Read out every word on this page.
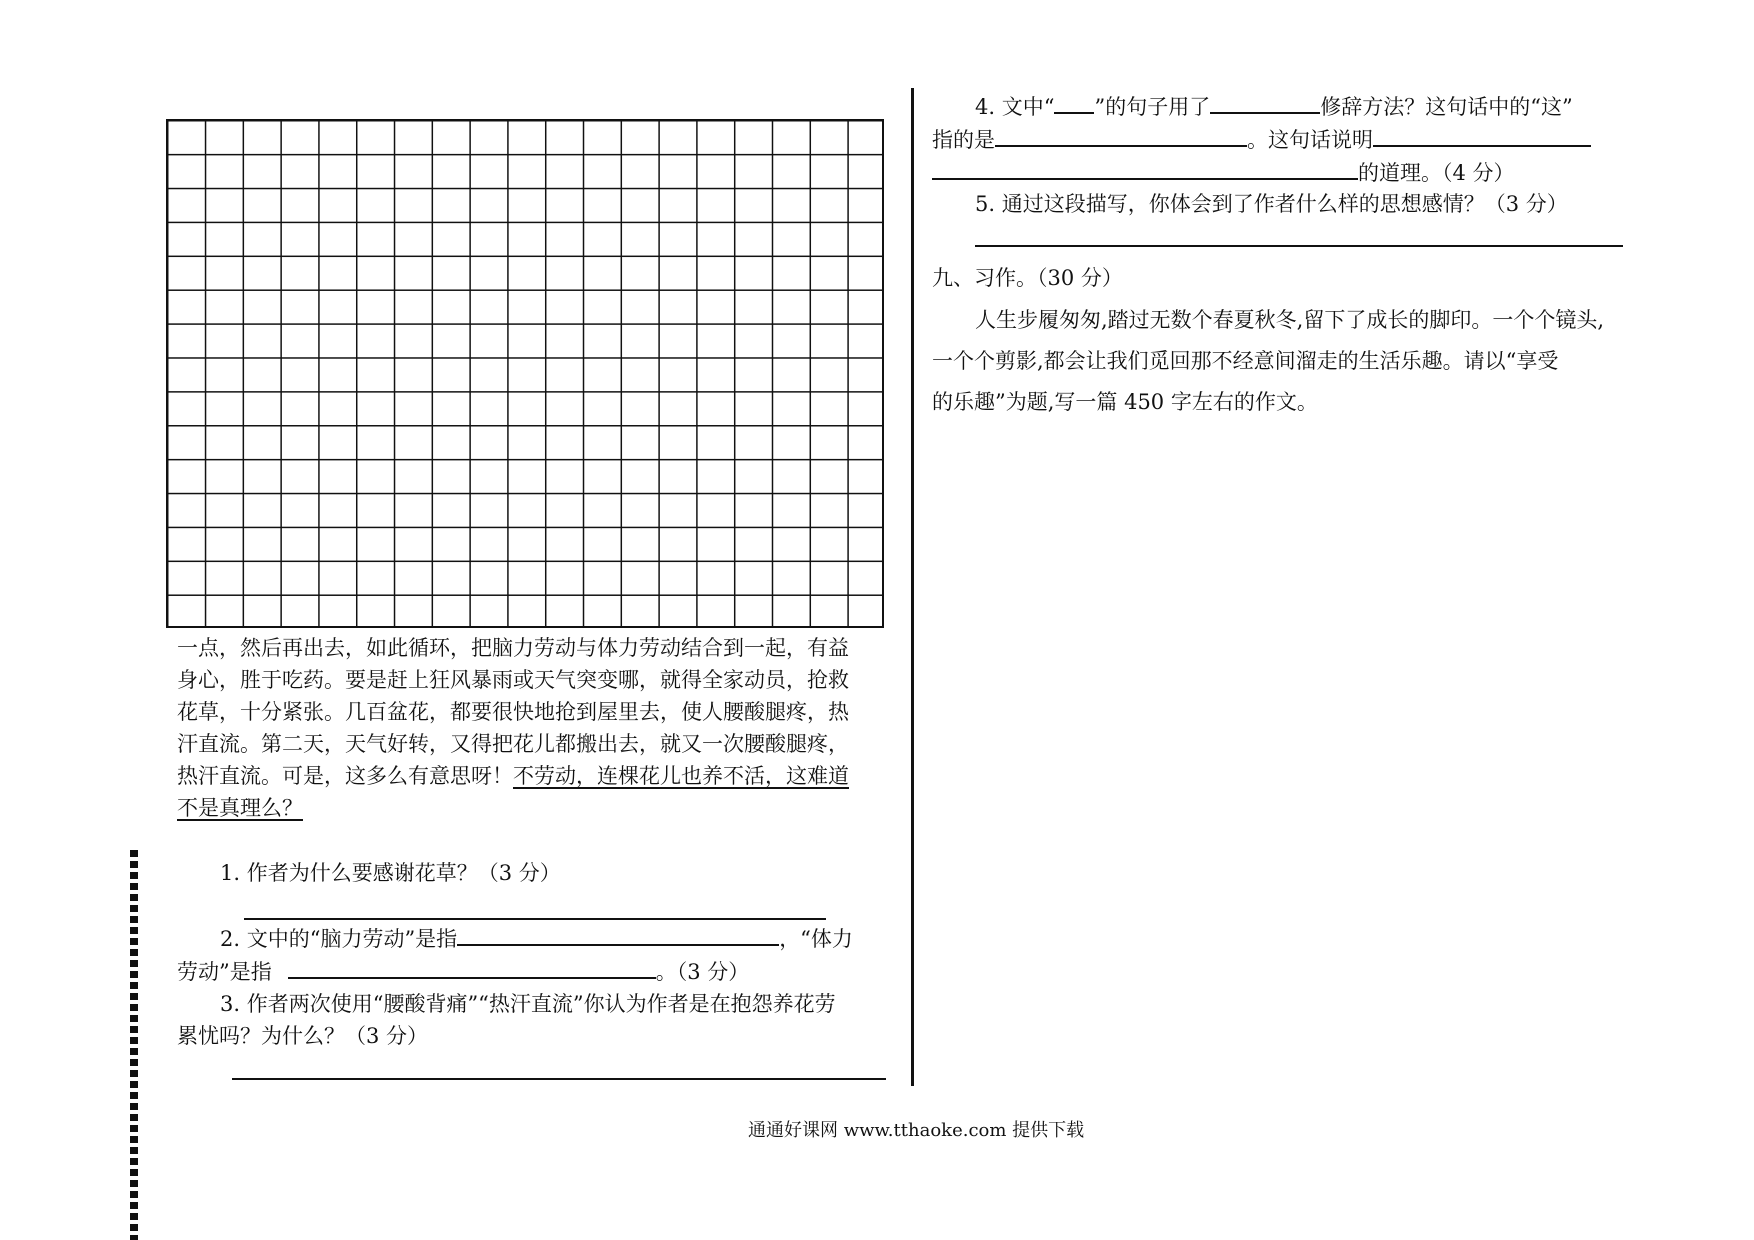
一点，然后再出去，如此循环，把脑力劳动与体力劳动结合到一起，有益
身心，胜于吃药。要是赶上狂风暴雨或天气突变哪，就得全家动员，抢救
花草，十分紧张。几百盆花，都要很快地抢到屋里去，使人腰酸腿疼，热
汗直流。第二天，天气好转，又得把花儿都搬出去，就又一次腰酸腿疼，
热汗直流。可是，这多么有意思呀！不劳动，连棵花儿也养不活，这难道
不是真理么？
1. 作者为什么要感谢花草？（3 分）
2. 文中的“脑力劳动”是指	，“体力
劳动”是指	。（3 分）
3. 作者两次使用“腰酸背痛”“热汗直流”你认为作者是在抱怨养花劳
累忧吗？为什么？（3 分）
4. 文中“ ”的句子用了	修辞方法？这句话中的“这”
指的是	。这句话说明
的道理。（4 分）
5. 通过这段描写，你体会到了作者什么样的思想感情？（3 分）
九、习作。（30 分）
人生步履匆匆,踏过无数个春夏秋冬,留下了成长的脚印。一个个镜头,
一个个剪影,都会让我们觅回那不经意间溜走的生活乐趣。请以“享受
的乐趣”为题,写一篇 450 字左右的作文。
通通好课网 www.tthaoke.com 提供下载
